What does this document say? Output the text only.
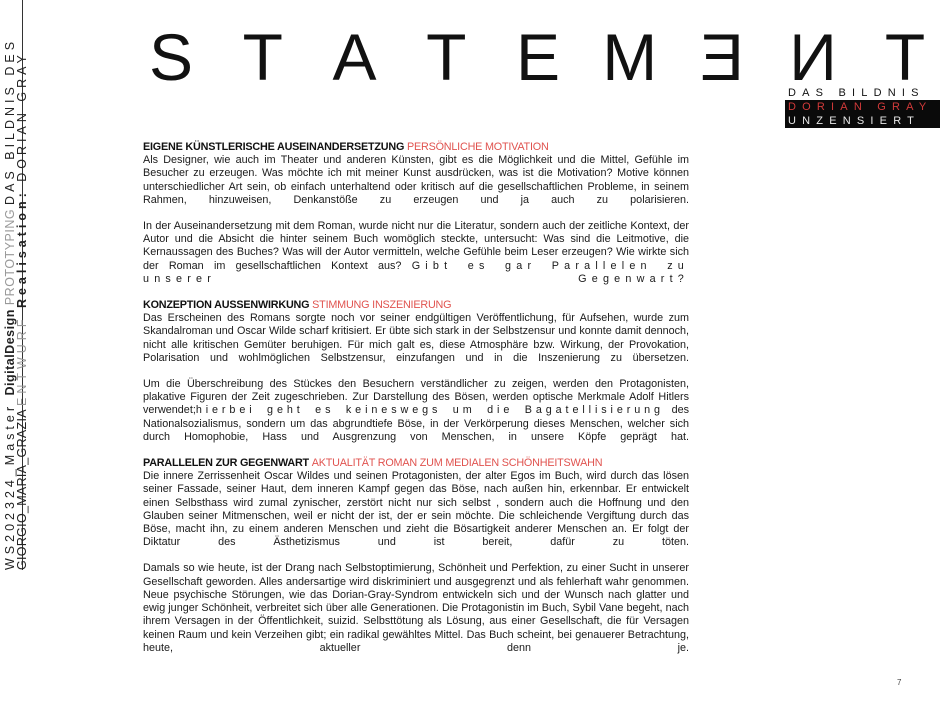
WS202324_Master DigitalDesign PROTOTYPING DAS BILDNIS DES
GIORGIO_MARIA_GRAZIA ENTWURF Realisation: DORIAN GRAY S T A T E M E N T
DAS BILDNIS
DORIAN GRAY
UNZENSIERT
EIGENE KÜNSTLERISCHE AUSEINANDERSETZUNG PERSÖNLICHE MOTIVATION

Als Designer, wie auch im Theater und anderen Künsten, gibt es die Möglichkeit und die Mittel, Gefühle im Besucher zu erzeugen. Was möchte ich mit meiner Kunst ausdrücken, was ist die Motivation? Motive können unterschiedlicher Art sein, ob einfach unterhaltend oder kritisch auf die gesellschaftlichen Probleme, in seinem Rahmen, hinzuweisen, Denkanstöße zu erzeugen und ja auch zu polarisieren.

In der Auseinandersetzung mit dem Roman, wurde nicht nur die Literatur, sondern auch der zeitliche Kontext, der Autor und die Absicht die hinter seinem Buch womöglich steckte, untersucht: Was sind die Leitmotive, die Kernaussagen des Buches? Was will der Autor vermitteln, welche Gefühle beim Leser erzeugen? Wie wirkte sich der Roman im gesellschaftlichen Kontext aus? Gibt es gar Parallelen zu unserer Gegenwart?

KONZEPTION AUSSENWIRKUNG STIMMUNG INSZENIERUNG

Das Erscheinen des Romans sorgte noch vor seiner endgültigen Veröffentlichung, für Aufsehen, wurde zum Skandalroman und Oscar Wilde scharf kritisiert. Er übte sich stark in der Selbstzensur und konnte damit dennoch, nicht alle kritischen Gemüter beruhigen. Für mich galt es, diese Atmosphäre bzw. Wirkung, der Provokation, Polarisation und wohlmöglichen Selbstzensur, einzufangen und in die Inszenierung zu übersetzen.

Um die Überschreibung des Stückes den Besuchern verständlicher zu zeigen, werden den Protagonisten, plakative Figuren der Zeit zugeschrieben. Zur Darstellung des Bösen, werden optische Merkmale Adolf Hitlers verwendet;hierbei geht es keineswegs um die Bagatellisierung des Nationalsozialismus, sondern um das abgrundtiefe Böse, in der Verkörperung dieses Menschen, welcher sich durch Homophobie, Hass und Ausgrenzung von Menschen, in unsere Köpfe geprägt hat.

PARALLELEN ZUR GEGENWART AKTUALITÄT ROMAN ZUM MEDIALEN SCHÖNHEITSWAHN

Die innere Zerrissenheit Oscar Wildes und seinen Protagonisten, der alter Egos im Buch, wird durch das lösen seiner Fassade, seiner Haut, dem inneren Kampf gegen das Böse, nach außen hin, erkennbar. Er entwickelt einen Selbsthass wird zumal zynischer, zerstört nicht nur sich selbst , sondern auch die Hoffnung und den Glauben seiner Mitmenschen, weil er nicht der ist, der er sein möchte. Die schleichende Vergiftung durch das Böse, macht ihn, zu einem anderen Menschen und zieht die Bösartigkeit anderer Menschen an. Er folgt der Diktatur des Ästhetizismus und ist bereit, dafür zu töten.

Damals so wie heute, ist der Drang nach Selbstoptimierung, Schönheit und Perfektion, zu einer Sucht in unserer Gesellschaft geworden. Alles andersartige wird diskriminiert und ausgegrenzt und als fehlerhaft wahr genommen. Neue psychische Störungen, wie das Dorian-Gray-Syndrom entwickeln sich und der Wunsch nach glatter und ewig junger Schönheit, verbreitet sich über alle Generationen. Die Protagonistin im Buch, Sybil Vane begeht, nach ihrem Versagen in der Öffentlichkeit, suizid. Selbsttötung als Lösung, aus einer Gesellschaft, die für Versagen keinen Raum und kein Verzeihen gibt; ein radikal gewähltes Mittel. Das Buch scheint, bei genauerer Betrachtung, heute, aktueller denn je.

7
